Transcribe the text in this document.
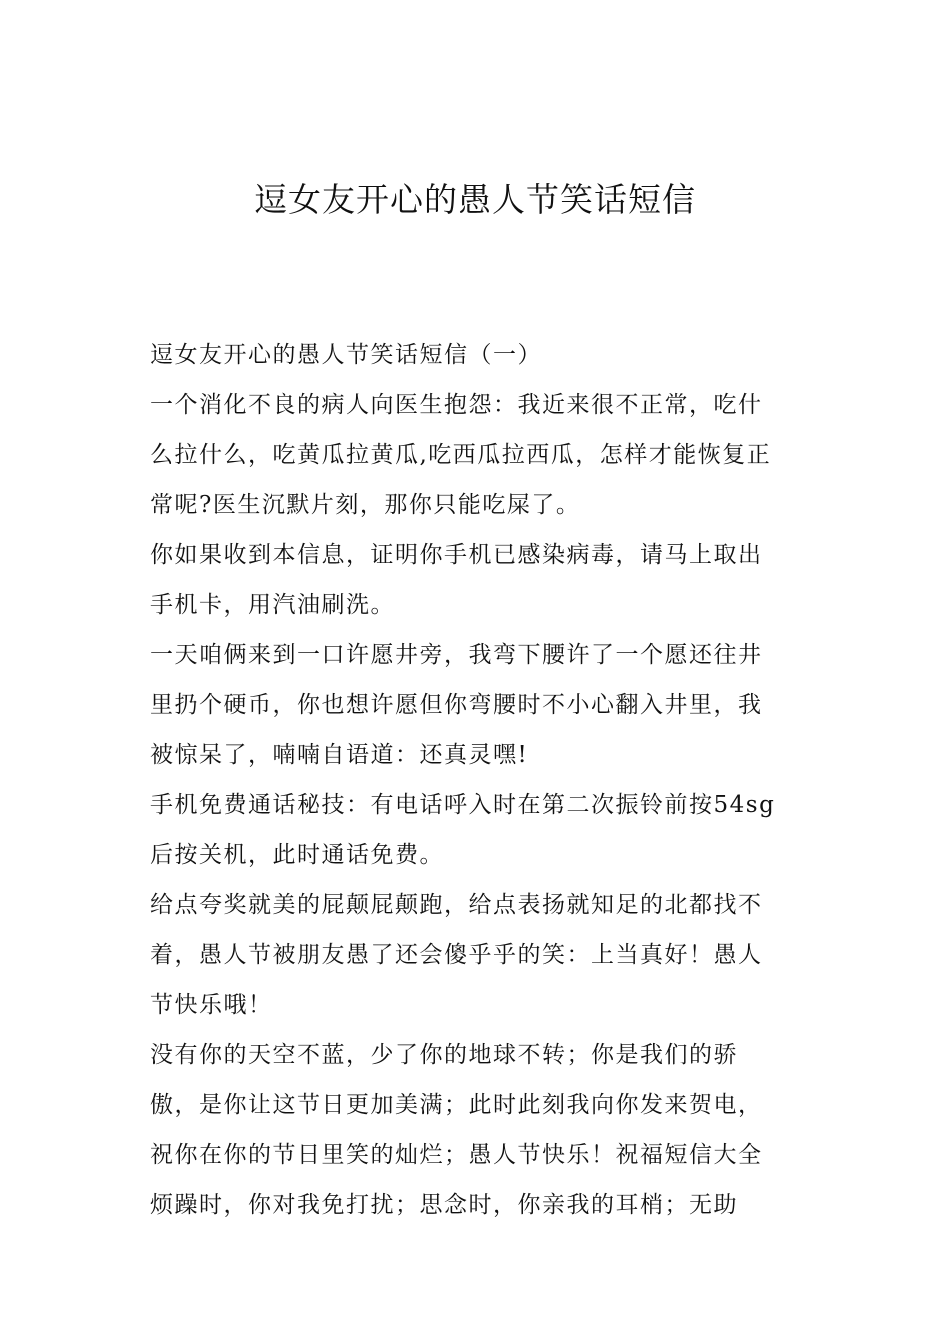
逗女友开心的愚人节笑话短信
逗女友开心的愚人节笑话短信（一）
一个消化不良的病人向医生抱怨：我近来很不正常，吃什
么拉什么，吃黄瓜拉黄瓜,吃西瓜拉西瓜，怎样才能恢复正
常呢?医生沉默片刻，那你只能吃屎了。
你如果收到本信息，证明你手机已感染病毒，请马上取出
手机卡，用汽油刷洗。
一天咱俩来到一口许愿井旁，我弯下腰许了一个愿还往井
里扔个硬币，你也想许愿但你弯腰时不小心翻入井里，我
被惊呆了，喃喃自语道：还真灵嘿!
手机免费通话秘技：有电话呼入时在第二次振铃前按54sg
后按关机，此时通话免费。
给点夸奖就美的屁颠屁颠跑，给点表扬就知足的北都找不
着，愚人节被朋友愚了还会傻乎乎的笑：上当真好！愚人
节快乐哦！
没有你的天空不蓝，少了你的地球不转；你是我们的骄
傲，是你让这节日更加美满；此时此刻我向你发来贺电，
祝你在你的节日里笑的灿烂；愚人节快乐！祝福短信大全
烦躁时，你对我免打扰；思念时，你亲我的耳梢；无助
